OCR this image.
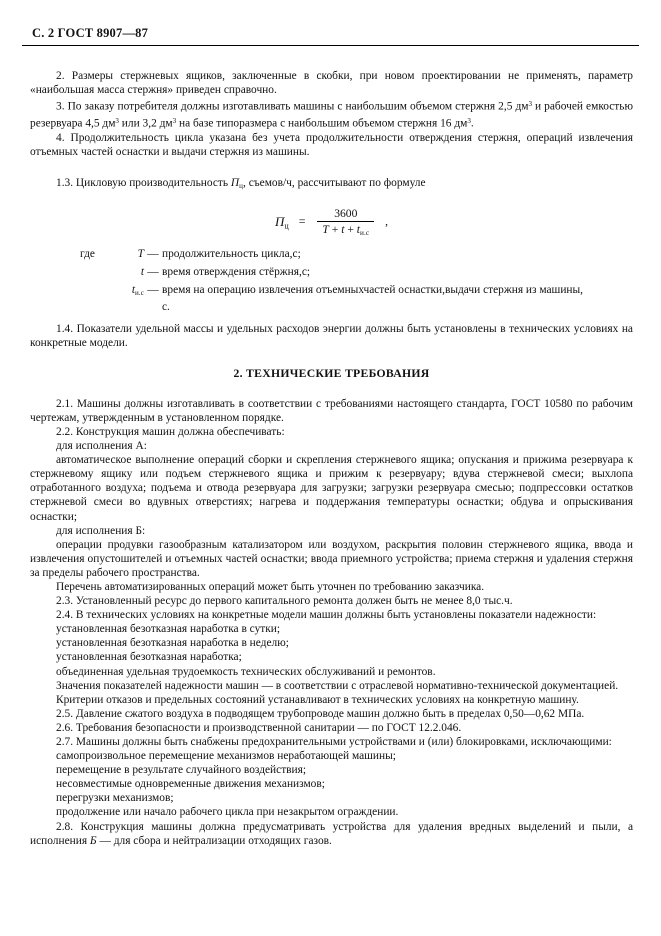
С. 2 ГОСТ 8907—87

2. Размеры стержневых ящиков, заключенные в скобки, при новом проектировании не применять, параметр «наибольшая масса стержня» приведен справочно.

3. По заказу потребителя должны изготавливать машины с наибольшим объемом стержня 2,5 $дм^3$ и рабочей емкостью резервуара 4,5 $дм^3$ или 3,2 $дм^3$ на базе типоразмера с наибольшим объемом стержня 16 $дм^3$.

4. Продолжительность цикла указана без учета продолжительности отверждения стержня, операций извлечения отъемных частей оснастки и выдачи стержня из машины.

1.3. Цикловую производительность $П_ц$, съемов/ч, рассчитывают по формуле

$П_ц = \frac{3600}{T + t + t_{и.с}}$ ,
где	T — продолжительность цикла,с;
t — время отверждения стёржня,с;
$t_{и.с}$ — время на операцию извлечения отъемныхчастей оснастки,выдачи стержня из машины,
с.

1.4. Показатели удельной массы и удельных расходов энергии должны быть установлены в технических условиях на конкретные модели.

2. ТЕХНИЧЕСКИЕ ТРЕБОВАНИЯ

2.1. Машины должны изготавливать в соответствии с требованиями настоящего стандарта, ГОСТ 10580 по рабочим чертежам, утвержденным в установленном порядке.

2.2. Конструкция машин должна обеспечивать:

для исполнения А:

автоматическое выполнение операций сборки и скрепления стержневого ящика; опускания и прижима резервуара к стержневому ящику или подъем стержневого ящика и прижим к резервуару; вдува стержневой смеси; выхлопа отработанного воздуха; подъема и отвода резервуара для загрузки; загрузки резервуара смесью; подпрессовки остатков стержневой смеси во вдувных отверстиях; нагрева и поддержания температуры оснастки; обдува и опрыскивания оснастки;

для исполнения Б:

операции продувки газообразным катализатором или воздухом, раскрытия половин стержневого ящика, ввода и извлечения опустошителей и отъемных частей оснастки; ввода приемного устройства; приема стержня и удаления стержня за пределы рабочего пространства.

Перечень автоматизированных операций может быть уточнен по требованию заказчика.

2.3. Установленный ресурс до первого капитального ремонта должен быть не менее 8,0 тыс.ч.

2.4. В технических условиях на конкретные модели машин должны быть установлены показатели надежности:

установленная безотказная наработка в сутки;

установленная безотказная наработка в неделю;

установленная безотказная наработка;

объединенная удельная трудоемкость технических обслуживаний и ремонтов.

Значения показателей надежности машин — в соответствии с отраслевой нормативно-технической документацией.

Критерии отказов и предельных состояний устанавливают в технических условиях на конкретную машину.

2.5. Давление сжатого воздуха в подводящем трубопроводе машин должно быть в пределах 0,50—0,62 МПа.

2.6. Требования безопасности и производственной санитарии — по ГОСТ 12.2.046.

2.7. Машины должны быть снабжены предохранительными устройствами и (или) блокировками, исключающими:

самопроизвольное перемещение механизмов неработающей машины;

перемещение в результате случайного воздействия;

несовместимые одновременные движения механизмов;

перегрузки механизмов;

продолжение или начало рабочего цикла при незакрытом ограждении.

2.8. Конструкция машины должна предусматривать устройства для удаления вредных выделений и пыли, а исполнения Б — для сбора и нейтрализации отходящих газов.
